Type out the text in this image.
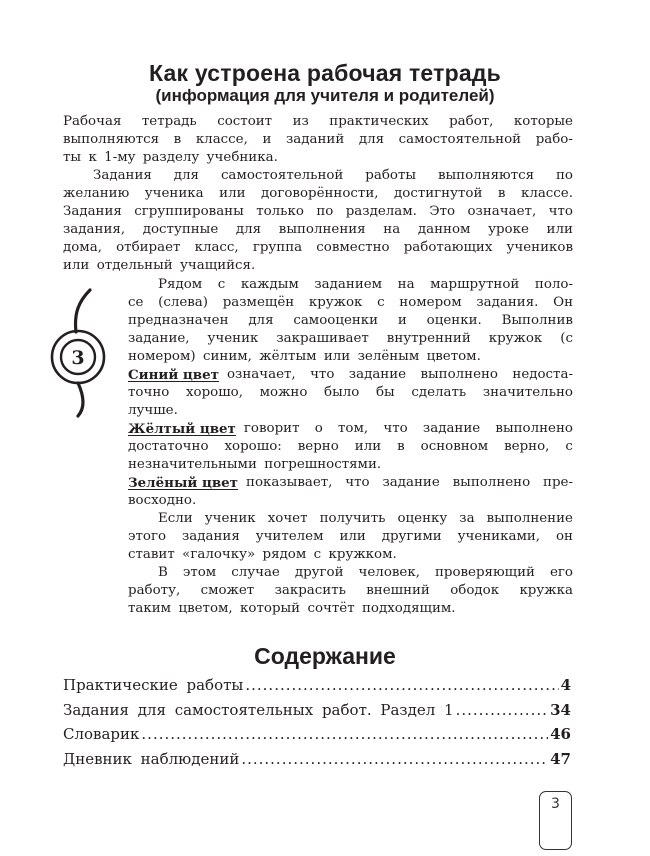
Как устроена рабочая тетрадь
(информация для учителя и родителей)
Рабочая тетрадь состоит из практических работ, которые
выполняются в классе, и заданий для самостоятельной рабо-
ты к 1-му разделу учебника.
Задания для самостоятельной работы выполняются по
желанию ученика или договорённости, достигнутой в классе.
Задания сгруппированы только по разделам. Это означает, что
задания, доступные для выполнения на данном уроке или
дома, отбирает класс, группа совместно работающих учеников
или отдельный учащийся.
3
Рядом с каждым заданием на маршрутной поло-
се (слева) размещён кружок с номером задания. Он
предназначен для самооценки и оценки. Выполнив
задание, ученик закрашивает внутренний кружок (с
номером) синим, жёлтым или зелёным цветом.
Синий цвет означает, что задание выполнено недоста-
точно хорошо, можно было бы сделать значительно
лучше.
Жёлтый цвет говорит о том, что задание выполнено
достаточно хорошо: верно или в основном верно, с
незначительными погрешностями.
Зелёный цвет показывает, что задание выполнено пре-
восходно.
Если ученик хочет получить оценку за выполнение
этого задания учителем или другими учениками, он
ставит «галочку» рядом с кружком.
В этом случае другой человек, проверяющий его
работу, сможет закрасить внешний ободок кружка
таким цветом, который сочтёт подходящим.
Содержание
Практические работы .....	4
Задания для самостоятельных работ. Раздел 1 .....	34
Словарик .....	46
Дневник наблюдений .....	47
3
